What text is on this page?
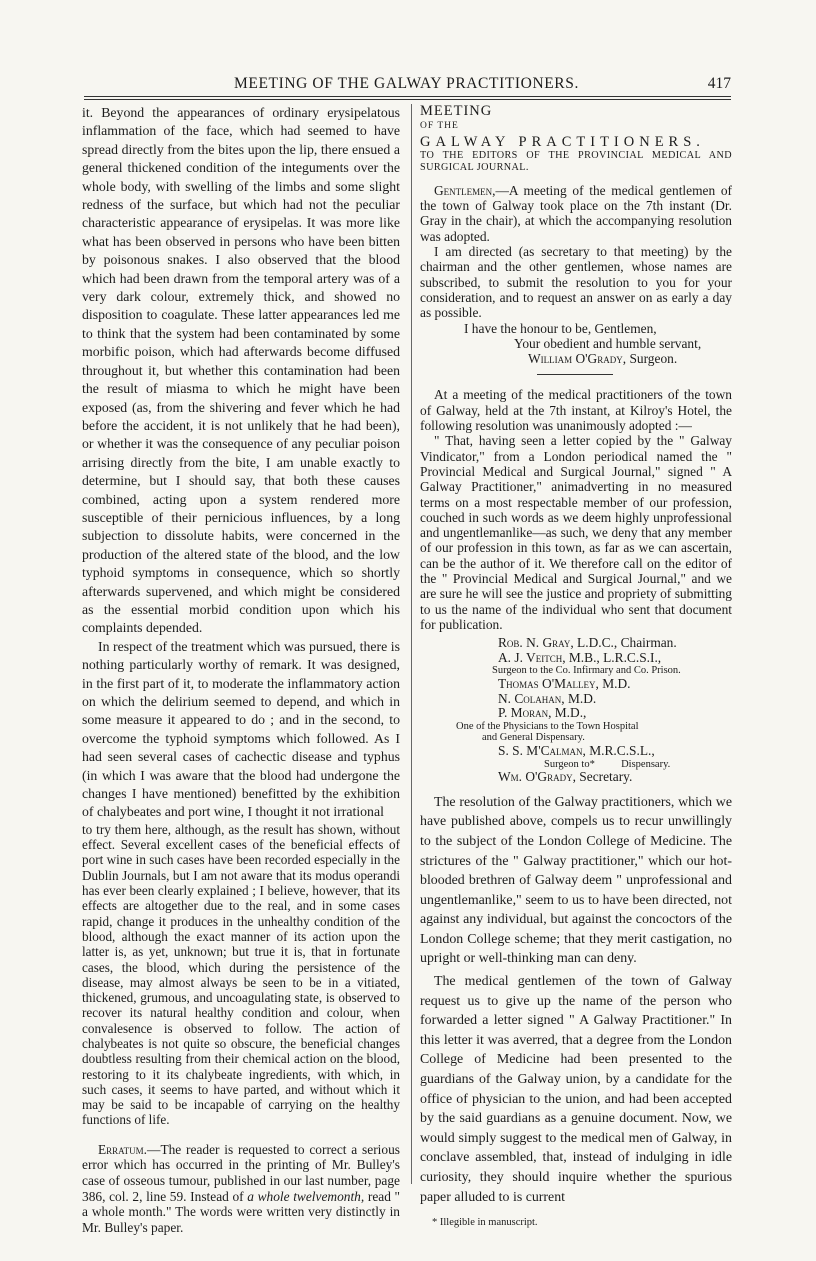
MEETING OF THE GALWAY PRACTITIONERS.	417

it. Beyond the appearances of ordinary erysipelatous inflammation of the face, which had seemed to have spread directly from the bites upon the lip, there ensued a general thickened condition of the integuments over the whole body, with swelling of the limbs and some slight redness of the surface, but which had not the peculiar characteristic appearance of erysipelas. It was more like what has been observed in persons who have been bitten by poisonous snakes. I also observed that the blood which had been drawn from the temporal artery was of a very dark colour, extremely thick, and showed no disposition to coagulate. These latter appearances led me to think that the system had been contaminated by some morbific poison, which had afterwards become diffused throughout it, but whether this contamination had been the result of miasma to which he might have been exposed (as, from the shivering and fever which he had before the accident, it is not unlikely that he had been), or whether it was the consequence of any peculiar poison arrising directly from the bite, I am unable exactly to determine, but I should say, that both these causes combined, acting upon a system rendered more susceptible of their pernicious influences, by a long subjection to dissolute habits, were concerned in the production of the altered state of the blood, and the low typhoid symptoms in consequence, which so shortly afterwards supervened, and which might be considered as the essential morbid condition upon which his complaints depended.

In respect of the treatment which was pursued, there is nothing particularly worthy of remark. It was designed, in the first part of it, to moderate the inflammatory action on which the delirium seemed to depend, and which in some measure it appeared to do ; and in the second, to overcome the typhoid symptoms which followed. As I had seen several cases of cachectic disease and typhus (in which I was aware that the blood had undergone the changes I have mentioned) benefitted by the exhibition of chalybeates and port wine, I thought it not irrational

to try them here, although, as the result has shown, without effect. Several excellent cases of the beneficial effects of port wine in such cases have been recorded especially in the Dublin Journals, but I am not aware that its modus operandi has ever been clearly explained ; I believe, however, that its effects are altogether due to the real, and in some cases rapid, change it produces in the unhealthy condition of the blood, although the exact manner of its action upon the latter is, as yet, unknown; but true it is, that in fortunate cases, the blood, which during the persistence of the disease, may almost always be seen to be in a vitiated, thickened, grumous, and uncoagulating state, is observed to recover its natural healthy condition and colour, when convalesence is observed to follow. The action of chalybeates is not quite so obscure, the beneficial changes doubtless resulting from their chemical action on the blood, restoring to it its chalybeate ingredients, with which, in such cases, it seems to have parted, and without which it may be said to be incapable of carrying on the healthy functions of life.

Erratum.—The reader is requested to correct a serious error which has occurred in the printing of Mr. Bulley's case of osseous tumour, published in our last number, page 386, col. 2, line 59. Instead of a whole twelvemonth, read " a whole month." The words were written very distinctly in Mr. Bulley's paper.

MEETING

OF THE

GALWAY PRACTITIONERS.

TO THE EDITORS OF THE PROVINCIAL MEDICAL AND SURGICAL JOURNAL.

Gentlemen,—A meeting of the medical gentlemen of the town of Galway took place on the 7th instant (Dr. Gray in the chair), at which the accompanying resolution was adopted.

I am directed (as secretary to that meeting) by the chairman and the other gentlemen, whose names are subscribed, to submit the resolution to you for your consideration, and to request an answer on as early a day as possible.

I have the honour to be, Gentlemen,

Your obedient and humble servant,

William O'Grady, Surgeon.

At a meeting of the medical practitioners of the town of Galway, held at the 7th instant, at Kilroy's Hotel, the following resolution was unanimously adopted :—

" That, having seen a letter copied by the " Galway Vindicator," from a London periodical named the " Provincial Medical and Surgical Journal," signed " A Galway Practitioner," animadverting in no measured terms on a most respectable member of our profession, couched in such words as we deem highly unprofessional and ungentlemanlike—as such, we deny that any member of our profession in this town, as far as we can ascertain, can be the author of it. We therefore call on the editor of the " Provincial Medical and Surgical Journal," and we are sure he will see the justice and propriety of submitting to us the name of the individual who sent that document for publication.

Rob. N. Gray, L.D.C., Chairman.

A. J. Veitch, M.B., L.R.C.S.I.,

Surgeon to the Co. Infirmary and Co. Prison.

Thomas O'Malley, M.D.

N. Colahan, M.D.

P. Moran, M.D.,

One of the Physicians to the Town Hospital

and General Dispensary.

S. S. M'Calman, M.R.C.S.L.,

Surgeon to*          Dispensary.

Wm. O'Grady, Secretary.

The resolution of the Galway practitioners, which we have published above, compels us to recur unwillingly to the subject of the London College of Medicine. The strictures of the " Galway practitioner," which our hot-blooded brethren of Galway deem " unprofessional and ungentlemanlike," seem to us to have been directed, not against any individual, but against the concoctors of the London College scheme; that they merit castigation, no upright or well-thinking man can deny.

The medical gentlemen of the town of Galway request us to give up the name of the person who forwarded a letter signed " A Galway Practitioner." In this letter it was averred, that a degree from the London College of Medicine had been presented to the guardians of the Galway union, by a candidate for the office of physician to the union, and had been accepted by the said guardians as a genuine document. Now, we would simply suggest to the medical men of Galway, in conclave assembled, that, instead of indulging in idle curiosity, they should inquire whether the spurious paper alluded to is current

* Illegible in manuscript.
